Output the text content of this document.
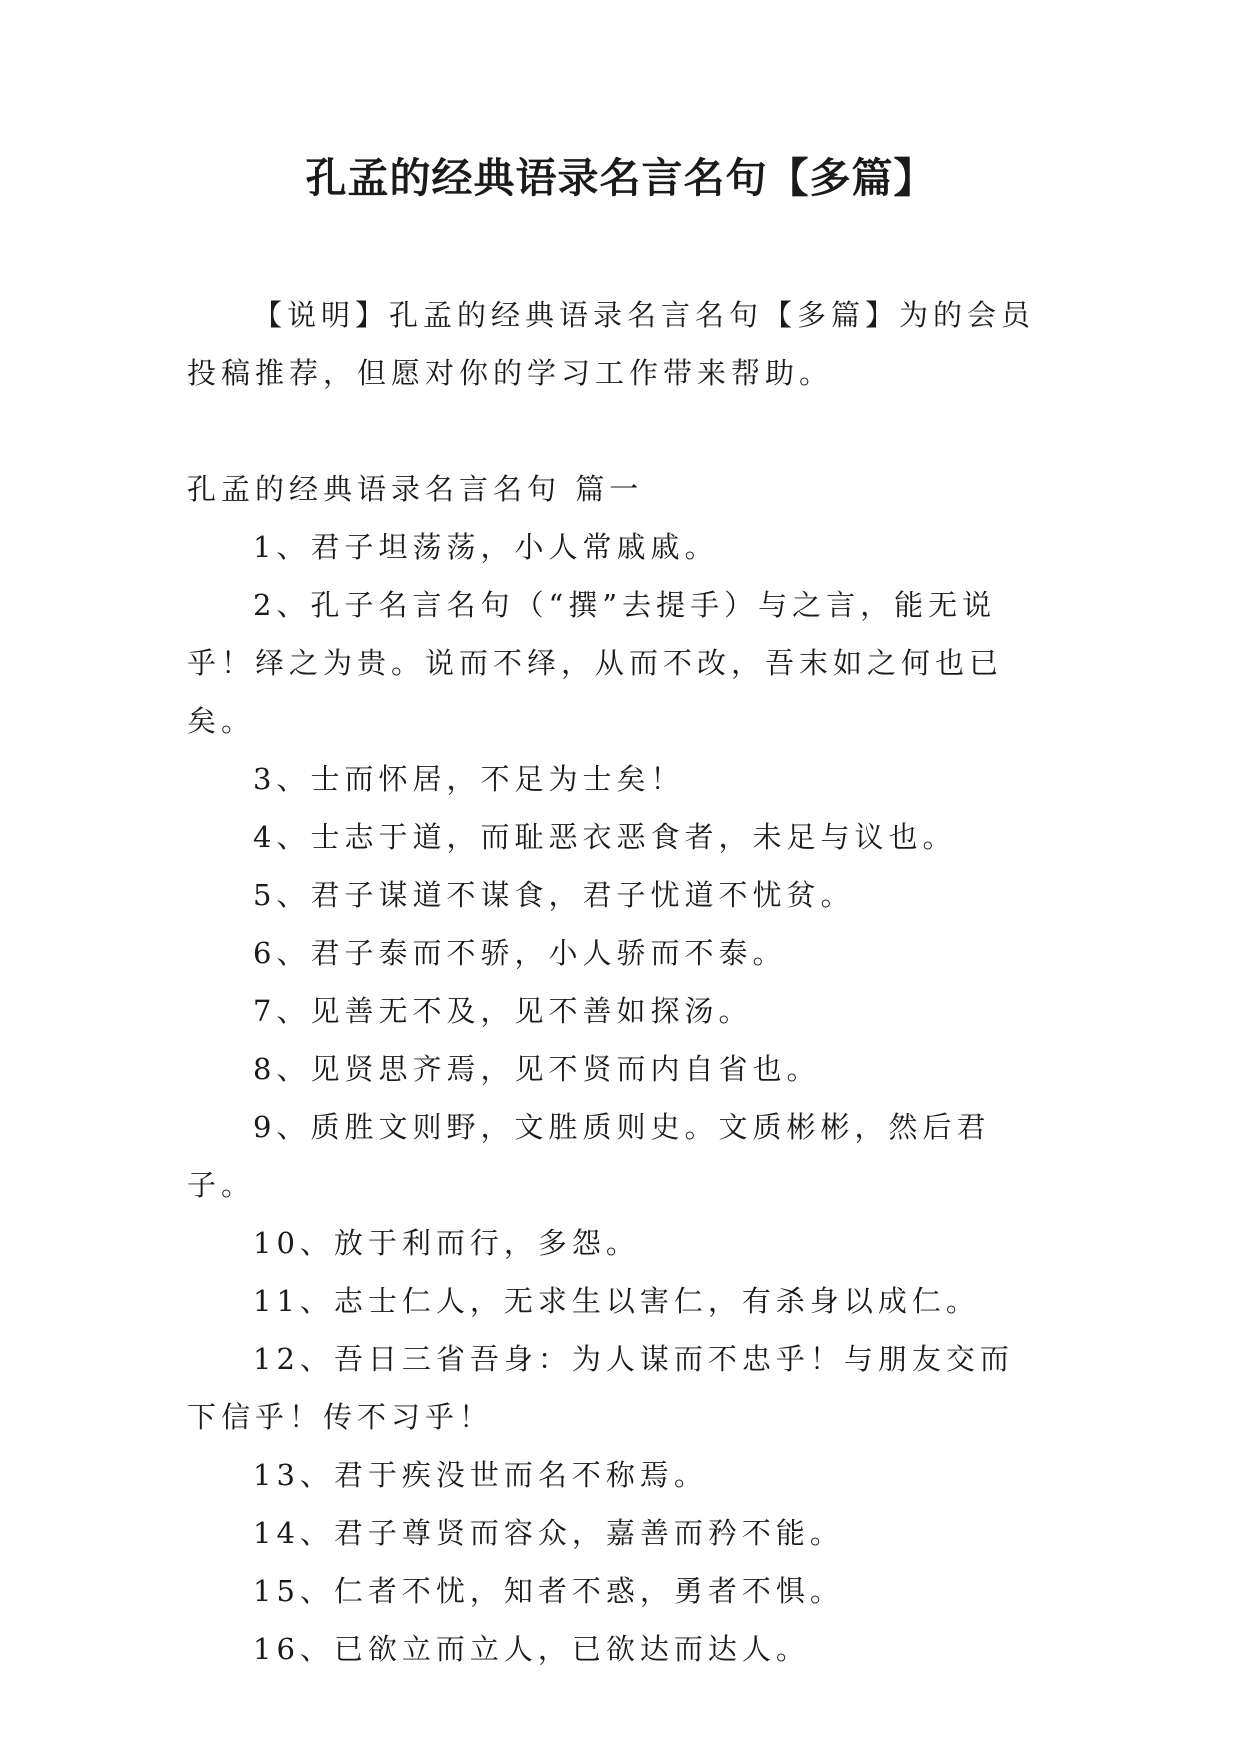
孔孟的经典语录名言名句【多篇】
【说明】孔孟的经典语录名言名句【多篇】为的会员投稿推荐，但愿对你的学习工作带来帮助。
孔孟的经典语录名言名句 篇一
1、君子坦荡荡，小人常戚戚。
2、孔子名言名句（“撰”去提手）与之言，能无说乎！绎之为贵。说而不绎，从而不改，吾末如之何也已矣。
3、士而怀居，不足为士矣！
4、士志于道，而耻恶衣恶食者，未足与议也。
5、君子谋道不谋食，君子忧道不忧贫。
6、君子泰而不骄，小人骄而不泰。
7、见善无不及，见不善如探汤。
8、见贤思齐焉，见不贤而内自省也。
9、质胜文则野，文胜质则史。文质彬彬，然后君子。
10、放于利而行，多怨。
11、志士仁人，无求生以害仁，有杀身以成仁。
12、吾日三省吾身：为人谋而不忠乎！与朋友交而下信乎！传不习乎！
13、君于疾没世而名不称焉。
14、君子尊贤而容众，嘉善而矜不能。
15、仁者不忧，知者不惑，勇者不惧。
16、已欲立而立人，已欲达而达人。
